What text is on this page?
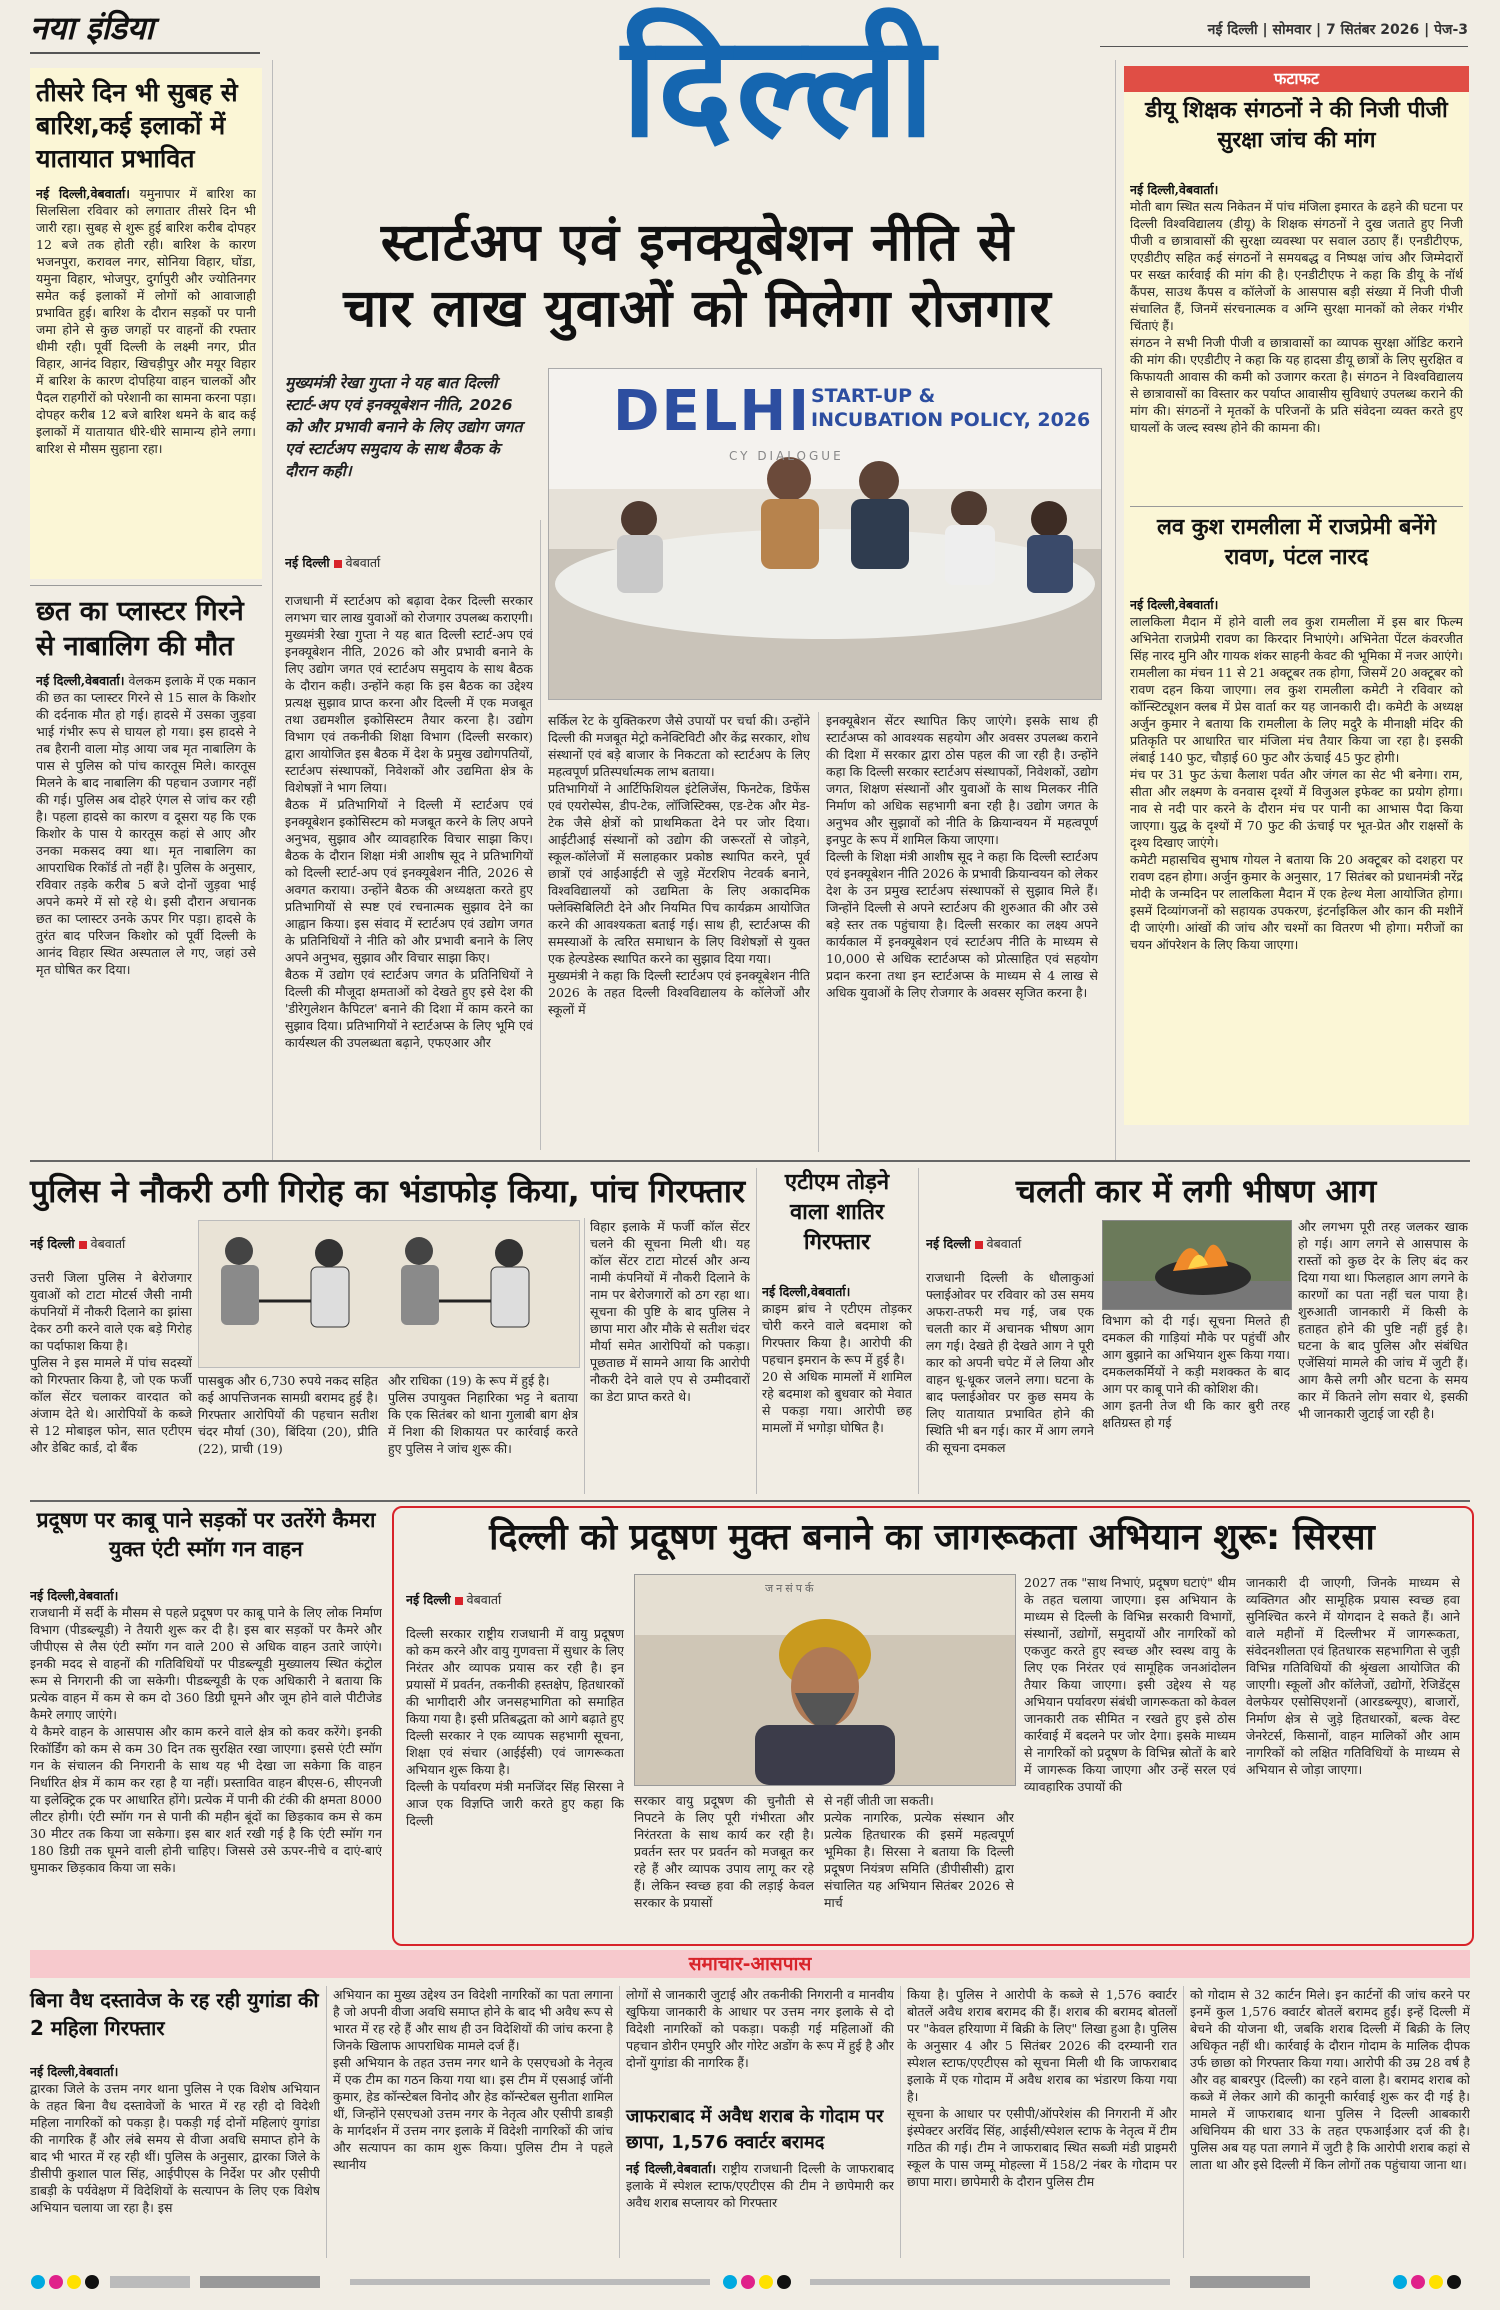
नया इंडिया	नई दिल्ली | सोमवार | 7 सितंबर 2026 | पेज-3
दिल्ली
तीसरे दिन भी सुबह से बारिश,कई इलाकों में यातायात प्रभावित
नई दिल्ली,वेबवार्ता। यमुनापार में बारिश का सिलसिला रविवार को लगातार तीसरे दिन भी जारी रहा। सुबह से शुरू हुई बारिश करीब दोपहर 12 बजे तक होती रही। बारिश के कारण भजनपुरा, करावल नगर, सोनिया विहार, घोंडा, यमुना विहार, भोजपुर, दुर्गापुरी और ज्योतिनगर समेत कई इलाकों में लोगों को आवाजाही प्रभावित हुई। बारिश के दौरान सड़कों पर पानी जमा होने से कुछ जगहों पर वाहनों की रफ्तार धीमी रही। पूर्वी दिल्ली के लक्ष्मी नगर, प्रीत विहार, आनंद विहार, खिचड़ीपुर और मयूर विहार में बारिश के कारण दोपहिया वाहन चालकों और पैदल राहगीरों को परेशानी का सामना करना पड़ा। दोपहर करीब 12 बजे बारिश थमने के बाद कई इलाकों में यातायात धीरे-धीरे सामान्य होने लगा। बारिश से मौसम सुहाना रहा।
छत का प्लास्टर गिरने से नाबालिग की मौत
नई दिल्ली,वेबवार्ता। वेलकम इलाके में एक मकान की छत का प्लास्टर गिरने से 15 साल के किशोर की दर्दनाक मौत हो गई। हादसे में उसका जुड़वा भाई गंभीर रूप से घायल हो गया। इस हादसे ने तब हैरानी वाला मोड़ आया जब मृत नाबालिग के पास से पुलिस को पांच कारतूस मिले। कारतूस मिलने के बाद नाबालिग की पहचान उजागर नहीं की गई। पुलिस अब दोहरे एंगल से जांच कर रही है। पहला हादसे का कारण व दूसरा यह कि एक किशोर के पास ये कारतूस कहां से आए और उनका मकसद क्या था। मृत नाबालिग का आपराधिक रिकॉर्ड तो नहीं है। पुलिस के अनुसार, रविवार तड़के करीब 5 बजे दोनों जुड़वा भाई अपने कमरे में सो रहे थे। इसी दौरान अचानक छत का प्लास्टर उनके ऊपर गिर पड़ा। हादसे के तुरंत बाद परिजन किशोर को पूर्वी दिल्ली के आनंद विहार स्थित अस्पताल ले गए, जहां उसे मृत घोषित कर दिया।
स्टार्टअप एवं इनक्यूबेशन नीति से
चार लाख युवाओं को मिलेगा रोजगार
मुख्यमंत्री रेखा गुप्ता ने यह बात दिल्ली स्टार्ट-अप एवं इनक्यूबेशन नीति, 2026 को और प्रभावी बनाने के लिए उद्योग जगत एवं स्टार्टअप समुदाय के साथ बैठक के दौरान कही।
DELHI START-UP &
INCUBATION POLICY, 2026
CY DIALOGUE

नई दिल्ली वेबवार्ता

राजधानी में स्टार्टअप को बढ़ावा देकर दिल्ली सरकार लगभग चार लाख युवाओं को रोजगार उपलब्ध कराएगी। मुख्यमंत्री रेखा गुप्ता ने यह बात दिल्ली स्टार्ट-अप एवं इनक्यूबेशन नीति, 2026 को और प्रभावी बनाने के लिए उद्योग जगत एवं स्टार्टअप समुदाय के साथ बैठक के दौरान कही। उन्होंने कहा कि इस बैठक का उद्देश्य प्रत्यक्ष सुझाव प्राप्त करना और दिल्ली में एक मजबूत तथा उद्यमशील इकोसिस्टम तैयार करना है। उद्योग विभाग एवं तकनीकी शिक्षा विभाग (दिल्ली सरकार) द्वारा आयोजित इस बैठक में देश के प्रमुख उद्योगपतियों, स्टार्टअप संस्थापकों, निवेशकों और उद्यमिता क्षेत्र के विशेषज्ञों ने भाग लिया।
बैठक में प्रतिभागियों ने दिल्ली में स्टार्टअप एवं इनक्यूबेशन इकोसिस्टम को मजबूत करने के लिए अपने अनुभव, सुझाव और व्यावहारिक विचार साझा किए। बैठक के दौरान शिक्षा मंत्री आशीष सूद ने प्रतिभागियों को दिल्ली स्टार्ट-अप एवं इनक्यूबेशन नीति, 2026 से अवगत कराया। उन्होंने बैठक की अध्यक्षता करते हुए प्रतिभागियों से स्पष्ट एवं रचनात्मक सुझाव देने का आह्वान किया। इस संवाद में स्टार्टअप एवं उद्योग जगत के प्रतिनिधियों ने नीति को और प्रभावी बनाने के लिए अपने अनुभव, सुझाव और विचार साझा किए।
बैठक में उद्योग एवं स्टार्टअप जगत के प्रतिनिधियों ने दिल्ली की मौजूदा क्षमताओं को देखते हुए इसे देश की 'डीरेगुलेशन कैपिटल' बनाने की दिशा में काम करने का सुझाव दिया। प्रतिभागियों ने स्टार्टअप्स के लिए भूमि एवं कार्यस्थल की उपलब्धता बढ़ाने, एफएआर और

सर्किल रेट के युक्तिकरण जैसे उपायों पर चर्चा की। उन्होंने दिल्ली की मजबूत मेट्रो कनेक्टिविटी और केंद्र सरकार, शोध संस्थानों एवं बड़े बाजार के निकटता को स्टार्टअप के लिए महत्वपूर्ण प्रतिस्पर्धात्मक लाभ बताया।
प्रतिभागियों ने आर्टिफिशियल इंटेलिजेंस, फिनटेक, डिफेंस एवं एयरोस्पेस, डीप-टेक, लॉजिस्टिक्स, एड-टेक और मेड-टेक जैसे क्षेत्रों को प्राथमिकता देने पर जोर दिया। आईटीआई संस्थानों को उद्योग की जरूरतों से जोड़ने, स्कूल-कॉलेजों में सलाहकार प्रकोष्ठ स्थापित करने, पूर्व छात्रों एवं आईआईटी से जुड़े मेंटरशिप नेटवर्क बनाने, विश्वविद्यालयों को उद्यमिता के लिए अकादमिक फ्लेक्सिबिलिटी देने और नियमित पिच कार्यक्रम आयोजित करने की आवश्यकता बताई गई। साथ ही, स्टार्टअप्स की समस्याओं के त्वरित समाधान के लिए विशेषज्ञों से युक्त एक हेल्पडेस्क स्थापित करने का सुझाव दिया गया।
मुख्यमंत्री ने कहा कि दिल्ली स्टार्टअप एवं इनक्यूबेशन नीति 2026 के तहत दिल्ली विश्वविद्यालय के कॉलेजों और स्कूलों में
इनक्यूबेशन सेंटर स्थापित किए जाएंगे। इसके साथ ही स्टार्टअप्स को आवश्यक सहयोग और अवसर उपलब्ध कराने की दिशा में सरकार द्वारा ठोस पहल की जा रही है। उन्होंने कहा कि दिल्ली सरकार स्टार्टअप संस्थापकों, निवेशकों, उद्योग जगत, शिक्षण संस्थानों और युवाओं के साथ मिलकर नीति निर्माण को अधिक सहभागी बना रही है। उद्योग जगत के अनुभव और सुझावों को नीति के क्रियान्वयन में महत्वपूर्ण इनपुट के रूप में शामिल किया जाएगा।
दिल्ली के शिक्षा मंत्री आशीष सूद ने कहा कि दिल्ली स्टार्टअप एवं इनक्यूबेशन नीति 2026 के प्रभावी क्रियान्वयन को लेकर देश के उन प्रमुख स्टार्टअप संस्थापकों से सुझाव मिले हैं। जिन्होंने दिल्ली से अपने स्टार्टअप की शुरुआत की और उसे बड़े स्तर तक पहुंचाया है। दिल्ली सरकार का लक्ष्य अपने कार्यकाल में इनक्यूबेशन एवं स्टार्टअप नीति के माध्यम से 10,000 से अधिक स्टार्टअप्स को प्रोत्साहित एवं सहयोग प्रदान करना तथा इन स्टार्टअप्स के माध्यम से 4 लाख से अधिक युवाओं के लिए रोजगार के अवसर सृजित करना है।
फटाफट
डीयू शिक्षक संगठनों ने की निजी पीजी सुरक्षा जांच की मांग

नई दिल्ली,वेबवार्ता।
मोती बाग स्थित सत्य निकेतन में पांच मंजिला इमारत के ढहने की घटना पर दिल्ली विश्वविद्यालय (डीयू) के शिक्षक संगठनों ने दुख जताते हुए निजी पीजी व छात्रावासों की सुरक्षा व्यवस्था पर सवाल उठाए हैं। एनडीटीएफ, एएडीटीए सहित कई संगठनों ने समयबद्ध व निष्पक्ष जांच और जिम्मेदारों पर सख्त कार्रवाई की मांग की है। एनडीटीएफ ने कहा कि डीयू के नॉर्थ कैंपस, साउथ कैंपस व कॉलेजों के आसपास बड़ी संख्या में निजी पीजी संचालित हैं, जिनमें संरचनात्मक व अग्नि सुरक्षा मानकों को लेकर गंभीर चिंताएं हैं।
संगठन ने सभी निजी पीजी व छात्रावासों का व्यापक सुरक्षा ऑडिट कराने की मांग की। एएडीटीए ने कहा कि यह हादसा डीयू छात्रों के लिए सुरक्षित व किफायती आवास की कमी को उजागर करता है। संगठन ने विश्वविद्यालय से छात्रावासों का विस्तार कर पर्याप्त आवासीय सुविधाएं उपलब्ध कराने की मांग की। संगठनों ने मृतकों के परिजनों के प्रति संवेदना व्यक्त करते हुए घायलों के जल्द स्वस्थ होने की कामना की।

लव कुश रामलीला में राजप्रेमी बनेंगे रावण, पंटल नारद

नई दिल्ली,वेबवार्ता।
लालकिला मैदान में होने वाली लव कुश रामलीला में इस बार फिल्म अभिनेता राजप्रेमी रावण का किरदार निभाएंगे। अभिनेता पेंटल कंवरजीत सिंह नारद मुनि और गायक शंकर साहनी केवट की भूमिका में नजर आएंगे। रामलीला का मंचन 11 से 21 अक्टूबर तक होगा, जिसमें 20 अक्टूबर को रावण दहन किया जाएगा। लव कुश रामलीला कमेटी ने रविवार को कॉन्स्टिट्यूशन क्लब में प्रेस वार्ता कर यह जानकारी दी। कमेटी के अध्यक्ष अर्जुन कुमार ने बताया कि रामलीला के लिए मदुरै के मीनाक्षी मंदिर की प्रतिकृति पर आधारित चार मंजिला मंच तैयार किया जा रहा है। इसकी लंबाई 140 फुट, चौड़ाई 60 फुट और ऊंचाई 45 फुट होगी।
मंच पर 31 फुट ऊंचा कैलाश पर्वत और जंगल का सेट भी बनेगा। राम, सीता और लक्ष्मण के वनवास दृश्यों में विजुअल इफेक्ट का प्रयोग होगा। नाव से नदी पार करने के दौरान मंच पर पानी का आभास पैदा किया जाएगा। युद्ध के दृश्यों में 70 फुट की ऊंचाई पर भूत-प्रेत और राक्षसों के दृश्य दिखाए जाएंगे।
कमेटी महासचिव सुभाष गोयल ने बताया कि 20 अक्टूबर को दशहरा पर रावण दहन होगा। अर्जुन कुमार के अनुसार, 17 सितंबर को प्रधानमंत्री नरेंद्र मोदी के जन्मदिन पर लालकिला मैदान में एक हेल्थ मेला आयोजित होगा। इसमें दिव्यांगजनों को सहायक उपकरण, इंटर्नाइकिल और कान की मशीनें दी जाएंगी। आंखों की जांच और चश्मों का वितरण भी होगा। मरीजों का चयन ऑपरेशन के लिए किया जाएगा।

पुलिस ने नौकरी ठगी गिरोह का भंडाफोड़ किया, पांच गिरफ्तार

नई दिल्ली वेबवार्ता

उत्तरी जिला पुलिस ने बेरोजगार युवाओं को टाटा मोटर्स जैसी नामी कंपनियों में नौकरी दिलाने का झांसा देकर ठगी करने वाले एक बड़े गिरोह का पर्दाफाश किया है।
पुलिस ने इस मामले में पांच सदस्यों को गिरफ्तार किया है, जो एक फर्जी कॉल सेंटर चलाकर वारदात को अंजाम देते थे। आरोपियों के कब्जे से 12 मोबाइल फोन, सात एटीएम और डेबिट कार्ड, दो बैंक

पासबुक और 6,730 रुपये नकद सहित कई आपत्तिजनक सामग्री बरामद हुई है। गिरफ्तार आरोपियों की पहचान सतीश चंदर मौर्या (30), बिंदिया (20), प्रीति (22), प्राची (19)
और राधिका (19) के रूप में हुई है।
पुलिस उपायुक्त निहारिका भट्ट ने बताया कि एक सितंबर को थाना गुलाबी बाग क्षेत्र में निशा की शिकायत पर कार्रवाई करते हुए पुलिस ने जांच शुरू की।
विहार इलाके में फर्जी कॉल सेंटर चलने की सूचना मिली थी। यह कॉल सेंटर टाटा मोटर्स और अन्य नामी कंपनियों में नौकरी दिलाने के नाम पर बेरोजगारों को ठग रहा था। सूचना की पुष्टि के बाद पुलिस ने छापा मारा और मौके से सतीश चंदर मौर्या समेत आरोपियों को पकड़ा। पूछताछ में सामने आया कि आरोपी नौकरी देने वाले एप से उम्मीदवारों का डेटा प्राप्त करते थे।
एटीएम तोड़ने वाला शातिर गिरफ्तार

नई दिल्ली,वेबवार्ता।
क्राइम ब्रांच ने एटीएम तोड़कर चोरी करने वाले बदमाश को गिरफ्तार किया है। आरोपी की पहचान इमरान के रूप में हुई है।
20 से अधिक मामलों में शामिल रहे बदमाश को बुधवार को मेवात से पकड़ा गया। आरोपी छह मामलों में भगोड़ा घोषित है।

चलती कार में लगी भीषण आग

नई दिल्ली वेबवार्ता

राजधानी दिल्ली के धौलाकुआं फ्लाईओवर पर रविवार को उस समय अफरा-तफरी मच गई, जब एक चलती कार में अचानक भीषण आग लग गई। देखते ही देखते आग ने पूरी कार को अपनी चपेट में ले लिया और वाहन धू-धूकर जलने लगा। घटना के बाद फ्लाईओवर पर कुछ समय के लिए यातायात प्रभावित होने की स्थिति भी बन गई। कार में आग लगने की सूचना दमकल

विभाग को दी गई। सूचना मिलते ही दमकल की गाड़ियां मौके पर पहुंचीं और आग बुझाने का अभियान शुरू किया गया। दमकलकर्मियों ने कड़ी मशक्कत के बाद आग पर काबू पाने की कोशिश की।
आग इतनी तेज थी कि कार बुरी तरह क्षतिग्रस्त हो गई
और लगभग पूरी तरह जलकर खाक हो गई। आग लगने से आसपास के रास्तों को कुछ देर के लिए बंद कर दिया गया था। फिलहाल आग लगने के कारणों का पता नहीं चल पाया है। शुरुआती जानकारी में किसी के हताहत होने की पुष्टि नहीं हुई है। घटना के बाद पुलिस और संबंधित एजेंसियां मामले की जांच में जुटी हैं। आग कैसे लगी और घटना के समय कार में कितने लोग सवार थे, इसकी भी जानकारी जुटाई जा रही है।
प्रदूषण पर काबू पाने सड़कों पर उतरेंगे कैमरा युक्त एंटी स्मॉग गन वाहन

नई दिल्ली,वेबवार्ता।
राजधानी में सर्दी के मौसम से पहले प्रदूषण पर काबू पाने के लिए लोक निर्माण विभाग (पीडब्ल्यूडी) ने तैयारी शुरू कर दी है। इस बार सड़कों पर कैमरे और जीपीएस से लैस एंटी स्मॉग गन वाले 200 से अधिक वाहन उतारे जाएंगे। इनकी मदद से वाहनों की गतिविधियों पर पीडब्ल्यूडी मुख्यालय स्थित कंट्रोल रूम से निगरानी की जा सकेगी। पीडब्ल्यूडी के एक अधिकारी ने बताया कि प्रत्येक वाहन में कम से कम दो 360 डिग्री घूमने और जूम होने वाले पीटीजेड कैमरे लगाए जाएंगे।
ये कैमरे वाहन के आसपास और काम करने वाले क्षेत्र को कवर करेंगे। इनकी रिकॉर्डिंग को कम से कम 30 दिन तक सुरक्षित रखा जाएगा। इससे एंटी स्मॉग गन के संचालन की निगरानी के साथ यह भी देखा जा सकेगा कि वाहन निर्धारित क्षेत्र में काम कर रहा है या नहीं। प्रस्तावित वाहन बीएस-6, सीएनजी या इलेक्ट्रिक ट्रक पर आधारित होंगे। प्रत्येक में पानी की टंकी की क्षमता 8000 लीटर होगी। एंटी स्मॉग गन से पानी की महीन बूंदों का छिड़काव कम से कम 30 मीटर तक किया जा सकेगा। इस बार शर्त रखी गई है कि एंटी स्मॉग गन 180 डिग्री तक घूमने वाली होनी चाहिए। जिससे उसे ऊपर-नीचे व दाएं-बाएं घुमाकर छिड़काव किया जा सके।

दिल्ली को प्रदूषण मुक्त बनाने का जागरूकता अभियान शुरू: सिरसा

नई दिल्ली वेबवार्ता

दिल्ली सरकार राष्ट्रीय राजधानी में वायु प्रदूषण को कम करने और वायु गुणवत्ता में सुधार के लिए निरंतर और व्यापक प्रयास कर रही है। इन प्रयासों में प्रवर्तन, तकनीकी हस्तक्षेप, हितधारकों की भागीदारी और जनसहभागिता को समाहित किया गया है। इसी प्रतिबद्धता को आगे बढ़ाते हुए दिल्ली सरकार ने एक व्यापक सहभागी सूचना, शिक्षा एवं संचार (आईईसी) एवं जागरूकता अभियान शुरू किया है।
दिल्ली के पर्यावरण मंत्री मनजिंदर सिंह सिरसा ने आज एक विज्ञप्ति जारी करते हुए कहा कि दिल्ली

जनसंपर्क
सरकार वायु प्रदूषण की चुनौती से निपटने के लिए पूरी गंभीरता और निरंतरता के साथ कार्य कर रही है। प्रवर्तन स्तर पर प्रवर्तन को मजबूत कर रहे हैं और व्यापक उपाय लागू कर रहे हैं। लेकिन स्वच्छ हवा की लड़ाई केवल सरकार के प्रयासों
से नहीं जीती जा सकती।
प्रत्येक नागरिक, प्रत्येक संस्थान और प्रत्येक हितधारक की इसमें महत्वपूर्ण भूमिका है। सिरसा ने बताया कि दिल्ली प्रदूषण नियंत्रण समिति (डीपीसीसी) द्वारा संचालित यह अभियान सितंबर 2026 से मार्च
2027 तक "साथ निभाएं, प्रदूषण घटाएं" थीम के तहत चलाया जाएगा। इस अभियान के माध्यम से दिल्ली के विभिन्न सरकारी विभागों, संस्थानों, उद्योगों, समुदायों और नागरिकों को एकजुट करते हुए स्वच्छ और स्वस्थ वायु के लिए एक निरंतर एवं सामूहिक जनआंदोलन तैयार किया जाएगा। इसी उद्देश्य से यह अभियान पर्यावरण संबंधी जागरूकता को केवल जानकारी तक सीमित न रखते हुए इसे ठोस कार्रवाई में बदलने पर जोर देगा। इसके माध्यम से नागरिकों को प्रदूषण के विभिन्न स्रोतों के बारे में जागरूक किया जाएगा और उन्हें सरल एवं व्यावहारिक उपायों की
जानकारी दी जाएगी, जिनके माध्यम से व्यक्तिगत और सामूहिक प्रयास स्वच्छ हवा सुनिश्चित करने में योगदान दे सकते हैं। आने वाले महीनों में दिल्लीभर में जागरूकता, संवेदनशीलता एवं हितधारक सहभागिता से जुड़ी विभिन्न गतिविधियों की श्रृंखला आयोजित की जाएगी। स्कूलों और कॉलेजों, उद्योगों, रेजिडेंट्स वेलफेयर एसोसिएशनों (आरडब्ल्यूए), बाजारों, निर्माण क्षेत्र से जुड़े हितधारकों, बल्क वेस्ट जेनरेटर्स, किसानों, वाहन मालिकों और आम नागरिकों को लक्षित गतिविधियों के माध्यम से अभियान से जोड़ा जाएगा।
समाचार-आसपास
बिना वैध दस्तावेज के रह रही युगांडा की 2 महिला गिरफ्तार

नई दिल्ली,वेबवार्ता।
द्वारका जिले के उत्तम नगर थाना पुलिस ने एक विशेष अभियान के तहत बिना वैध दस्तावेजों के भारत में रह रही दो विदेशी महिला नागरिकों को पकड़ा है। पकड़ी गई दोनों महिलाएं युगांडा की नागरिक हैं और लंबे समय से वीजा अवधि समाप्त होने के बाद भी भारत में रह रही थीं। पुलिस के अनुसार, द्वारका जिले के डीसीपी कुशाल पाल सिंह, आईपीएस के निर्देश पर और एसीपी डाबड़ी के पर्यवेक्षण में विदेशियों के सत्यापन के लिए एक विशेष अभियान चलाया जा रहा है। इस

अभियान का मुख्य उद्देश्य उन विदेशी नागरिकों का पता लगाना है जो अपनी वीजा अवधि समाप्त होने के बाद भी अवैध रूप से भारत में रह रहे हैं और साथ ही उन विदेशियों की जांच करना है जिनके खिलाफ आपराधिक मामले दर्ज हैं।
इसी अभियान के तहत उत्तम नगर थाने के एसएचओ के नेतृत्व में एक टीम का गठन किया गया था। इस टीम में एसआई जॉनी कुमार, हेड कॉन्स्टेबल विनोद और हेड कॉन्स्टेबल सुनीता शामिल थीं, जिन्होंने एसएचओ उत्तम नगर के नेतृत्व और एसीपी डाबड़ी के मार्गदर्शन में उत्तम नगर इलाके में विदेशी नागरिकों की जांच और सत्यापन का काम शुरू किया। पुलिस टीम ने पहले स्थानीय
लोगों से जानकारी जुटाई और तकनीकी निगरानी व मानवीय खुफिया जानकारी के आधार पर उत्तम नगर इलाके से दो विदेशी नागरिकों को पकड़ा। पकड़ी गई महिलाओं की पहचान डोरीन एमपुरि और गोरेट अडोंग के रूप में हुई है और दोनों युगांडा की नागरिक हैं।
जाफराबाद में अवैध शराब के गोदाम पर छापा, 1,576 क्वार्टर बरामद
नई दिल्ली,वेबवार्ता। राष्ट्रीय राजधानी दिल्ली के जाफराबाद इलाके में स्पेशल स्टाफ/एएटीएस की टीम ने छापेमारी कर अवैध शराब सप्लायर को गिरफ्तार
किया है। पुलिस ने आरोपी के कब्जे से 1,576 क्वार्टर बोतलें अवैध शराब बरामद की हैं। शराब की बरामद बोतलों पर "केवल हरियाणा में बिक्री के लिए" लिखा हुआ है। पुलिस के अनुसार 4 और 5 सितंबर 2026 की दरम्यानी रात स्पेशल स्टाफ/एएटीएस को सूचना मिली थी कि जाफराबाद इलाके में एक गोदाम में अवैध शराब का भंडारण किया गया है।
सूचना के आधार पर एसीपी/ऑपरेशंस की निगरानी में और इंस्पेक्टर अरविंद सिंह, आईसी/स्पेशल स्टाफ के नेतृत्व में टीम गठित की गई। टीम ने जाफराबाद स्थित सब्जी मंडी प्राइमरी स्कूल के पास जम्मू मोहल्ला में 158/2 नंबर के गोदाम पर छापा मारा। छापेमारी के दौरान पुलिस टीम
को गोदाम से 32 कार्टन मिले। इन कार्टनों की जांच करने पर इनमें कुल 1,576 क्वार्टर बोतलें बरामद हुईं। इन्हें दिल्ली में बेचने की योजना थी, जबकि शराब दिल्ली में बिक्री के लिए अधिकृत नहीं थी। कार्रवाई के दौरान गोदाम के मालिक दीपक उर्फ छाछा को गिरफ्तार किया गया। आरोपी की उम्र 28 वर्ष है और वह बाबरपुर (दिल्ली) का रहने वाला है। बरामद शराब को कब्जे में लेकर आगे की कानूनी कार्रवाई शुरू कर दी गई है। मामले में जाफराबाद थाना पुलिस ने दिल्ली आबकारी अधिनियम की धारा 33 के तहत एफआईआर दर्ज की है। पुलिस अब यह पता लगाने में जुटी है कि आरोपी शराब कहां से लाता था और इसे दिल्ली में किन लोगों तक पहुंचाया जाना था।
